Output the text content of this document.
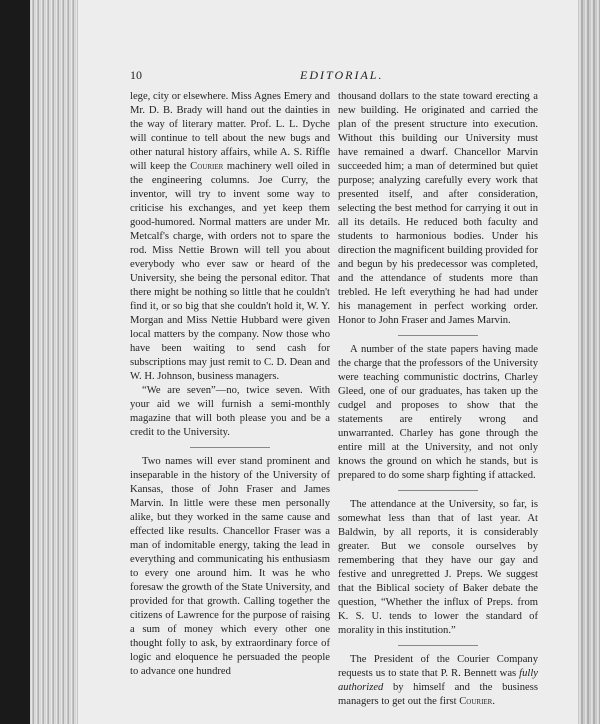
10	EDITORIAL.

lege, city or elsewhere. Miss Agnes Emery and Mr. D. B. Brady will hand out the dainties in the way of literary matter. Prof. L. L. Dyche will continue to tell about the new bugs and other natural history affairs, while A. S. Riffle will keep the Courier machinery well oiled in the engineering columns. Joe Curry, the inventor, will try to invent some way to criticise his exchanges, and yet keep them good-humored. Normal matters are under Mr. Metcalf's charge, with orders not to spare the rod. Miss Nettie Brown will tell you about everybody who ever saw or heard of the University, she being the personal editor. That there might be nothing so little that he couldn't find it, or so big that she couldn't hold it, W. Y. Morgan and Miss Nettie Hubbard were given local matters by the company. Now those who have been waiting to send cash for subscriptions may just remit to C. D. Dean and W. H. Johnson, business managers.

“We are seven”—no, twice seven. With your aid we will furnish a semi-monthly magazine that will both please you and be a credit to the University.

Two names will ever stand prominent and inseparable in the history of the University of Kansas, those of John Fraser and James Marvin. In little were these men personally alike, but they worked in the same cause and effected like results. Chancellor Fraser was a man of indomitable energy, taking the lead in everything and communicating his enthusiasm to every one around him. It was he who foresaw the growth of the State University, and provided for that growth. Calling together the citizens of Lawrence for the purpose of raising a sum of money which every other one thought folly to ask, by extraordinary force of logic and eloquence he persuaded the people to advance one hundred

thousand dollars to the state toward erecting a new building. He originated and carried the plan of the present structure into execution. Without this building our University must have remained a dwarf. Chancellor Marvin succeeded him; a man of determined but quiet purpose; analyzing carefully every work that presented itself, and after consideration, selecting the best method for carrying it out in all its details. He reduced both faculty and students to harmonious bodies. Under his direction the magnificent building provided for and begun by his predecessor was completed, and the attendance of students more than trebled. He left everything he had had under his management in perfect working order. Honor to John Fraser and James Marvin.

A number of the state papers having made the charge that the professors of the University were teaching communistic doctrins, Charley Gleed, one of our graduates, has taken up the cudgel and proposes to show that the statements are entirely wrong and unwarranted. Charley has gone through the entire mill at the University, and not only knows the ground on which he stands, but is prepared to do some sharp fighting if attacked.

The attendance at the University, so far, is somewhat less than that of last year. At Baldwin, by all reports, it is considerably greater. But we console ourselves by remembering that they have our gay and festive and unregretted J. Preps. We suggest that the Biblical society of Baker debate the question, “Whether the influx of Preps. from K. S. U. tends to lower the standard of morality in this institution.”

The President of the Courier Company requests us to state that P. R. Bennett was fully authorized by himself and the business managers to get out the first Courier.
